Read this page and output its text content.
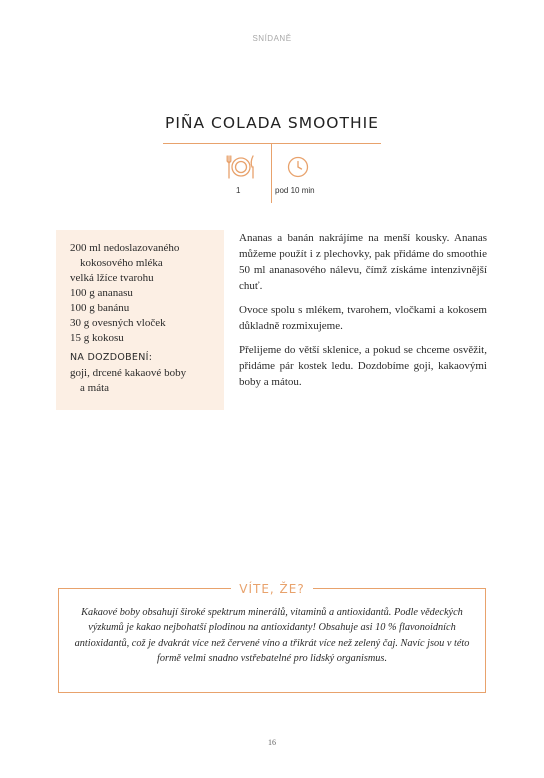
SNÍDANĚ
PIÑA COLADA SMOOTHIE
1	pod 10 min

200 ml nedoslazovaného

kokosového mléka

velká lžíce tvarohu

100 g ananasu

100 g banánu

30 g ovesných vloček

15 g kokosu

NA DOZDOBENÍ:

goji, drcené kakaové boby

a máta

Ananas a banán nakrájíme na menší kousky. Ananas můžeme použít i z plechovky, pak přidáme do smoothie 50 ml ananasového nálevu, čímž získáme intenzivnější chuť.

Ovoce spolu s mlékem, tvarohem, vločkami a kokosem důkladně rozmixujeme.

Přelijeme do větší sklenice, a pokud se chceme osvěžit, přidáme pár kostek ledu. Dozdobíme goji, kakaovými boby a mátou.

VÍTE, ŽE?
Kakaové boby obsahují široké spektrum minerálů, vitaminů a antioxidantů. Podle vědeckých výzkumů je kakao nejbohatší plodinou na antioxidanty! Obsahuje asi 10 % flavonoidních antioxidantů, což je dvakrát více než červené víno a třikrát více než zelený čaj. Navíc jsou v této formě velmi snadno vstřebatelné pro lidský organismus.
16
